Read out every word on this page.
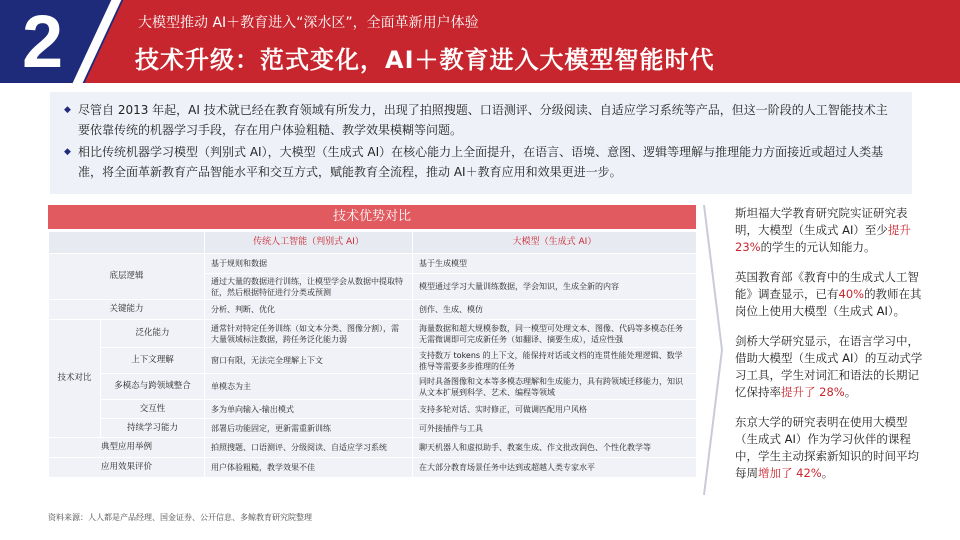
2	大模型推动 AI＋教育进入“深水区”，全面革新用户体验
技术升级：范式变化，AI＋教育进入大模型智能时代
◆ 尽管自 2013 年起，AI 技术就已经在教育领域有所发力，出现了拍照搜题、口语测评、分级阅读、自适应学习系统等产品，但这一阶段的人工智能技术主要依靠传统的机器学习手段，存在用户体验粗糙、教学效果模糊等问题。
◆ 相比传统机器学习模型（判别式 AI），大模型（生成式 AI）在核心能力上全面提升，在语言、语境、意图、逻辑等理解与推理能力方面接近或超过人类基准，将全面革新教育产品智能水平和交互方式，赋能教育全流程，推动 AI＋教育应用和效果更进一步。
技术优势对比
		传统人工智能（判别式 AI）	大模型（生成式 AI）
底层逻辑		基于规则和数据	基于生成模型
		通过大量的数据进行训练，让模型学会从数据中提取特征，然后根据特征进行分类或预测	模型通过学习大量训练数据，学会知识，生成全新的内容
关键能力		分析、判断、优化	创作、生成、模仿
技术对比	泛化能力	通常针对特定任务训练（如文本分类、图像分割），需大量领域标注数据，跨任务泛化能力弱	海量数据和超大规模参数，同一模型可处理文本、图像、代码等多模态任务无需微调即可完成新任务（如翻译、摘要生成），适应性强
	上下文理解	窗口有限，无法完全理解上下文	支持数万 tokens 的上下文，能保持对话或文档的连贯性能处理逻辑、数学推导等需要多步推理的任务
	多模态与跨领域整合	单模态为主	同时具备图像和文本等多模态理解和生成能力，具有跨领域迁移能力，知识从文本扩展到科学、艺术、编程等领域
	交互性	多为单向输入-输出模式	支持多轮对话、实时修正，可做调匹配用户风格
	持续学习能力	部署后功能固定，更新需重新训练	可外接插件与工具
典型应用举例		拍照搜题、口语测评、分级阅读、自适应学习系统	聊天机器人和虚拟助手、教案生成、作文批改润色、个性化教学等
应用效果评价		用户体验粗糙，教学效果不佳	在大部分教育场景任务中达到或超越人类专家水平
斯坦福大学教育研究院实证研究表明，大模型（生成式 AI）至少提升23%的学生的元认知能力。
英国教育部《教育中的生成式人工智能》调查显示，已有40%的教师在其岗位上使用大模型（生成式 AI）。
剑桥大学研究显示，在语言学习中，借助大模型（生成式 AI）的互动式学习工具，学生对词汇和语法的长期记忆保持率提升了 28%。
东京大学的研究表明在使用大模型（生成式 AI）作为学习伙伴的课程中，学生主动探索新知识的时间平均每周增加了 42%。
资料来源：人人都是产品经理、国金证券、公开信息、多鲸教育研究院整理
